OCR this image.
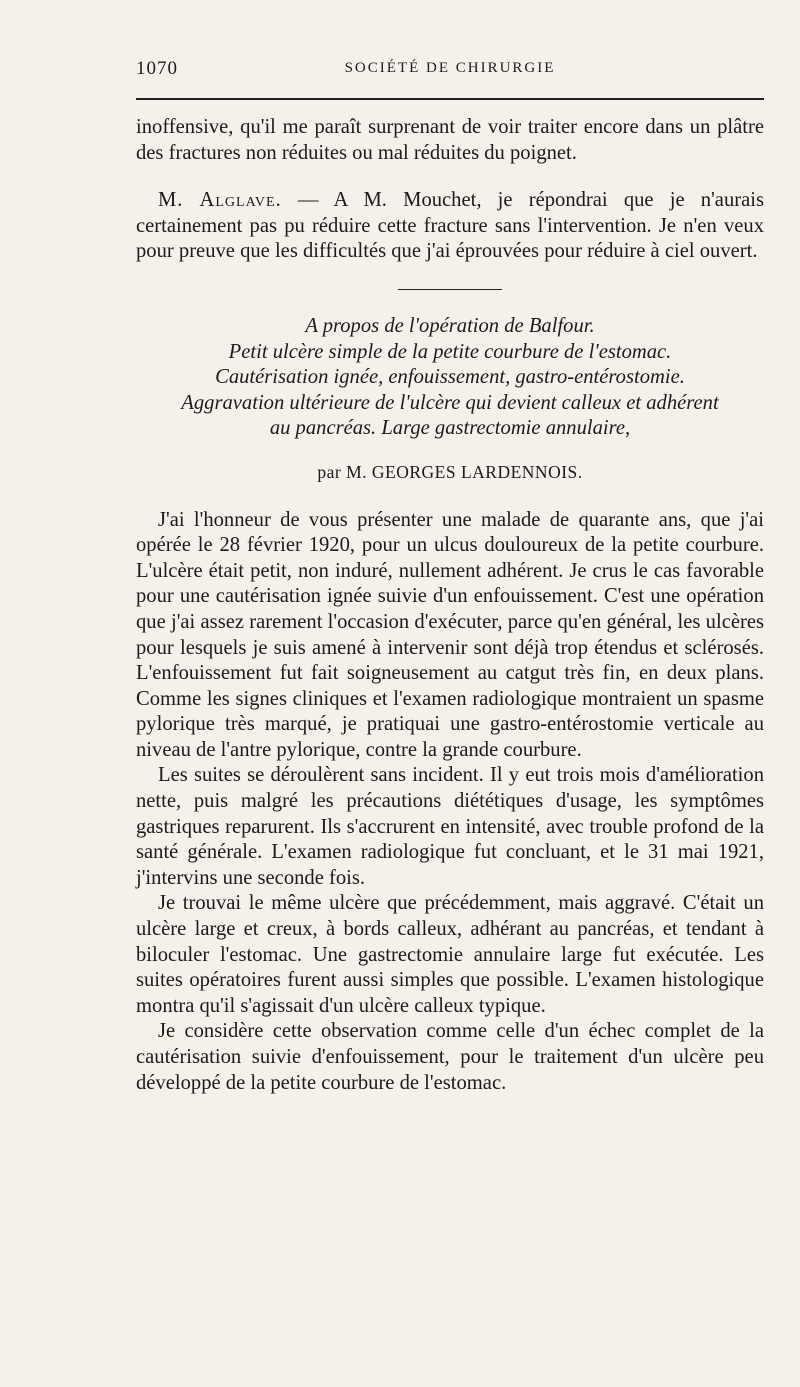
1070	SOCIÉTÉ DE CHIRURGIE

inoffensive, qu'il me paraît surprenant de voir traiter encore dans un plâtre des fractures non réduites ou mal réduites du poignet.

M. Alglave. — A M. Mouchet, je répondrai que je n'aurais certainement pas pu réduire cette fracture sans l'intervention. Je n'en veux pour preuve que les difficultés que j'ai éprouvées pour réduire à ciel ouvert.

A propos de l'opération de Balfour.
Petit ulcère simple de la petite courbure de l'estomac.
Cautérisation ignée, enfouissement, gastro-entérostomie.
Aggravation ultérieure de l'ulcère qui devient calleux et adhérent
au pancréas. Large gastrectomie annulaire,
par M. GEORGES LARDENNOIS.

J'ai l'honneur de vous présenter une malade de quarante ans, que j'ai opérée le 28 février 1920, pour un ulcus douloureux de la petite courbure. L'ulcère était petit, non induré, nullement adhérent. Je crus le cas favorable pour une cautérisation ignée suivie d'un enfouissement. C'est une opération que j'ai assez rarement l'occasion d'exécuter, parce qu'en général, les ulcères pour lesquels je suis amené à intervenir sont déjà trop étendus et sclérosés. L'enfouissement fut fait soigneusement au catgut très fin, en deux plans. Comme les signes cliniques et l'examen radiologique montraient un spasme pylorique très marqué, je pratiquai une gastro-entérostomie verticale au niveau de l'antre pylorique, contre la grande courbure.

Les suites se déroulèrent sans incident. Il y eut trois mois d'amélioration nette, puis malgré les précautions diététiques d'usage, les symptômes gastriques reparurent. Ils s'accrurent en intensité, avec trouble profond de la santé générale. L'examen radiologique fut concluant, et le 31 mai 1921, j'intervins une seconde fois.

Je trouvai le même ulcère que précédemment, mais aggravé. C'était un ulcère large et creux, à bords calleux, adhérant au pancréas, et tendant à biloculer l'estomac. Une gastrectomie annulaire large fut exécutée. Les suites opératoires furent aussi simples que possible. L'examen histologique montra qu'il s'agissait d'un ulcère calleux typique.

Je considère cette observation comme celle d'un échec complet de la cautérisation suivie d'enfouissement, pour le traitement d'un ulcère peu développé de la petite courbure de l'estomac.
